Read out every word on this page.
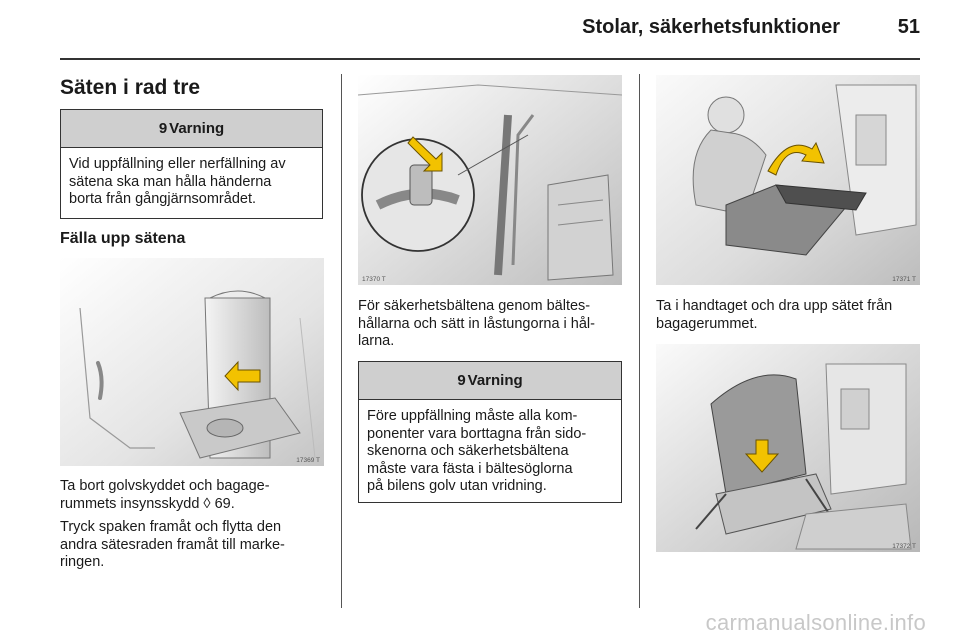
Stolar, säkerhetsfunktioner	51
Säten i rad tre
9 Varning
Vid uppfällning eller nerfällning av
sätena ska man hålla händerna
borta från gångjärnsområdet.
Fälla upp sätena
17369 T
Ta bort golvskyddet och bagage-
rummets insynsskydd ◊ 69.
Tryck spaken framåt och flytta den
andra sätesraden framåt till marke-
ringen.
17370 T
För säkerhetsbältena genom bältes-
hållarna och sätt in låstungorna i hål-
larna.
9 Varning
Före uppfällning måste alla kom-
ponenter vara borttagna från sido-
skenorna och säkerhetsbältena
måste vara fästa i bältesöglorna
på bilens golv utan vridning.
17371 T
Ta i handtaget och dra upp sätet från
bagagerummet.
17372 T
carmanualsonline.info
